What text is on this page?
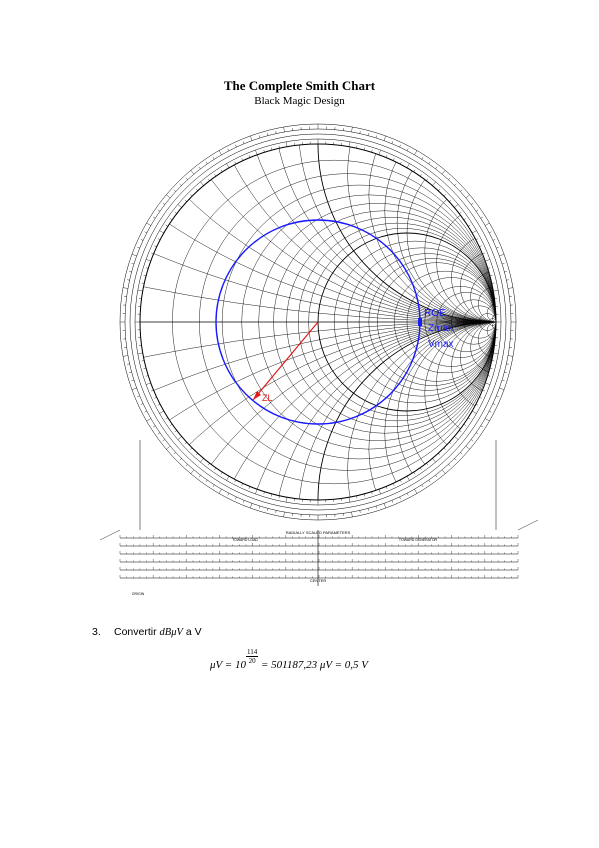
The Complete Smith Chart
Black Magic Design
ROE
Zmax
Vmax
ZL
RADIALLY SCALED PARAMETERS
TOWARD LOAD	TOWARD GENERATOR
CENTER
ORIGIN
3. Convertir dBμV a V
$\mu V = 10 \frac{114}{20} = 501187,23$ μV = 0,5 V
